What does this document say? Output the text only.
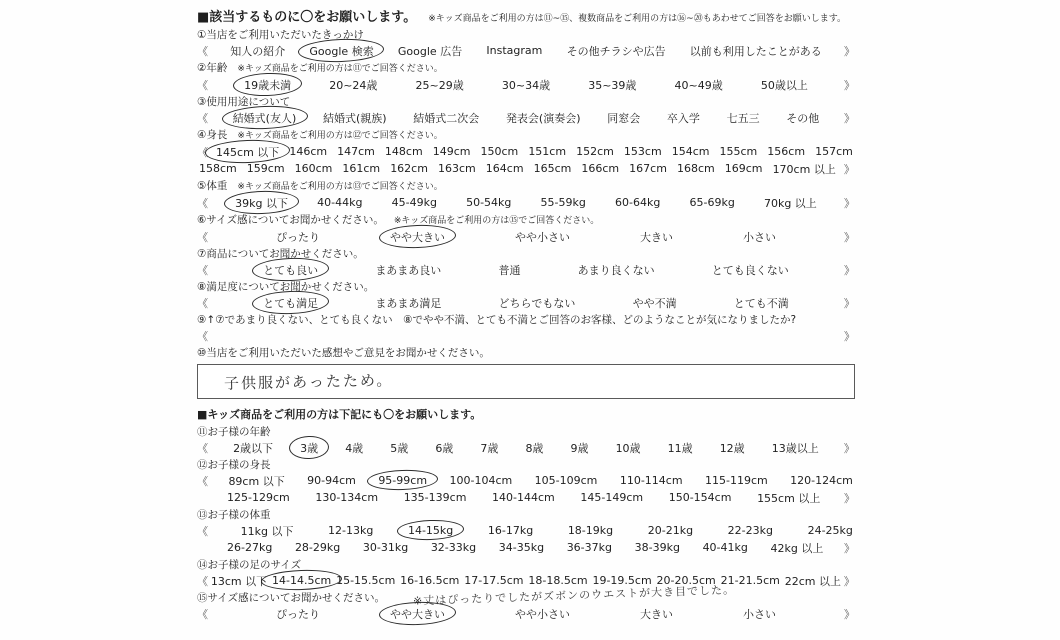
■該当するものに〇をお願いします。 ※キッズ商品をご利用の方は⑪~⑮、複数商品をご利用の方は⑯~⑳もあわせてご回答をお願いします。
①当店をご利用いただいたきっかけ
《 知人の紹介 Google 検索 Google 広告 Instagram その他チラシや広告 以前も利用したことがある 》
②年齢 ※キッズ商品をご利用の方は⑪でご回答ください。
《	19歳未満	20~24歳	25~29歳	30~34歳	35~39歳	40~49歳	50歳以上	》
③使用用途について
《 結婚式(友人) 結婚式(親族) 結婚式二次会 発表会(演奏会) 同窓会 卒入学 七五三 その他 》
④身長 ※キッズ商品をご利用の方は⑫でご回答ください。
《 145cm 以下 146cm 147cm 148cm 149cm 150cm 151cm 152cm 153cm 154cm 155cm 156cm 157cm
158cm 159cm 160cm 161cm 162cm 163cm 164cm 165cm 166cm 167cm 168cm 169cm 170cm 以上 》
⑤体重 ※キッズ商品をご利用の方は⑬でご回答ください。
《 39kg 以下	40-44kg	45-49kg	50-54kg	55-59kg	60-64kg	65-69kg	70kg 以上 》
⑥サイズ感についてお聞かせください。 ※キッズ商品をご利用の方は⑮でご回答ください。
《	ぴったり	やや大きい	やや小さい	大きい	小さい	》
⑦商品についてお聞かせください。
《	とても良い	まあまあ良い	普通	あまり良くない	とても良くない	》
⑧満足度についてお聞かせください。
《	とても満足	まあまあ満足	どちらでもない	やや不満	とても不満	》
⑨↑⑦であまり良くない、とても良くない　⑧でやや不満、とても不満とご回答のお客様、どのようなことが気になりましたか?
《	》
⑩当店をご利用いただいた感想やご意見をお聞かせください。
子供服があったため。
■キッズ商品をご利用の方は下記にも〇をお願いします。
⑪お子様の年齢
《 2歳以下 3歳 4歳 5歳 6歳 7歳 8歳 9歳 10歳 11歳 12歳 13歳以上 》
⑫お子様の身長
《 89cm 以下 90-94cm 95-99cm 100-104cm 105-109cm 110-114cm 115-119cm 120-124cm
125-129cm 130-134cm 135-139cm 140-144cm 145-149cm 150-154cm 155cm 以上 》
⑬お子様の体重
《	11kg 以下	12-13kg	14-15kg	16-17kg	18-19kg	20-21kg	22-23kg	24-25kg
26-27kg 28-29kg 30-31kg 32-33kg 34-35kg 36-37kg 38-39kg 40-41kg 42kg 以上 》
⑭お子様の足のサイズ
《 13cm 以下 14-14.5cm 15-15.5cm 16-16.5cm 17-17.5cm 18-18.5cm 19-19.5cm 20-20.5cm 21-21.5cm 22cm 以上 》
⑮サイズ感についてお聞かせください。	※丈はぴったりでしたがズボンのウエストが大き目でした。
《	ぴったり	やや大きい	やや小さい	大きい	小さい	》
